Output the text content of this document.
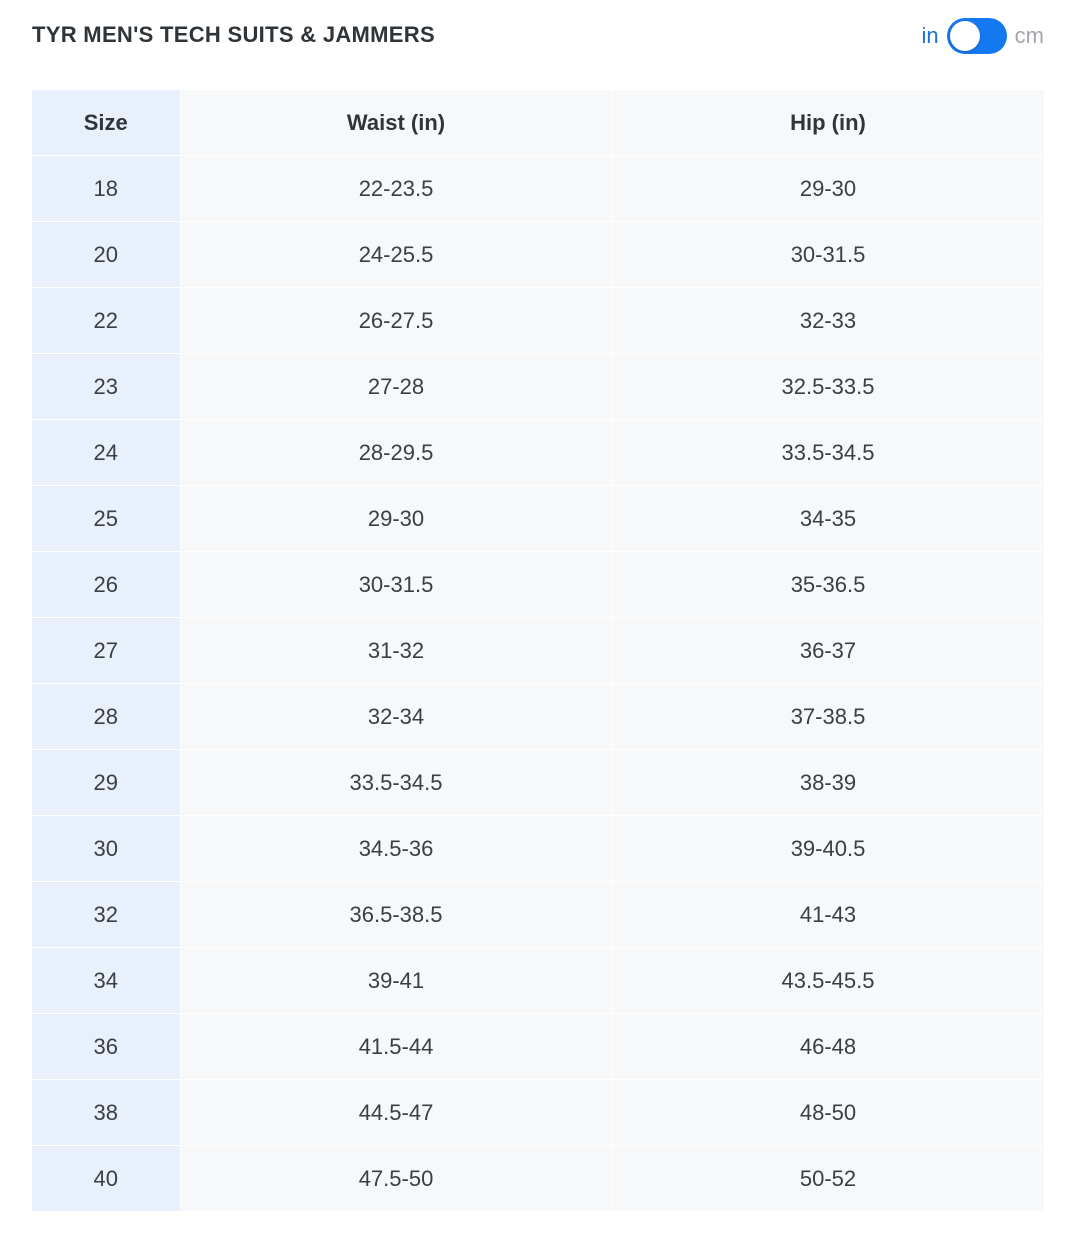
TYR MEN'S TECH SUITS & JAMMERS	in	cm
Size	Waist (in)	Hip (in)
18	22-23.5	29-30
20	24-25.5	30-31.5
22	26-27.5	32-33
23	27-28	32.5-33.5
24	28-29.5	33.5-34.5
25	29-30	34-35
26	30-31.5	35-36.5
27	31-32	36-37
28	32-34	37-38.5
29	33.5-34.5	38-39
30	34.5-36	39-40.5
32	36.5-38.5	41-43
34	39-41	43.5-45.5
36	41.5-44	46-48
38	44.5-47	48-50
40	47.5-50	50-52
